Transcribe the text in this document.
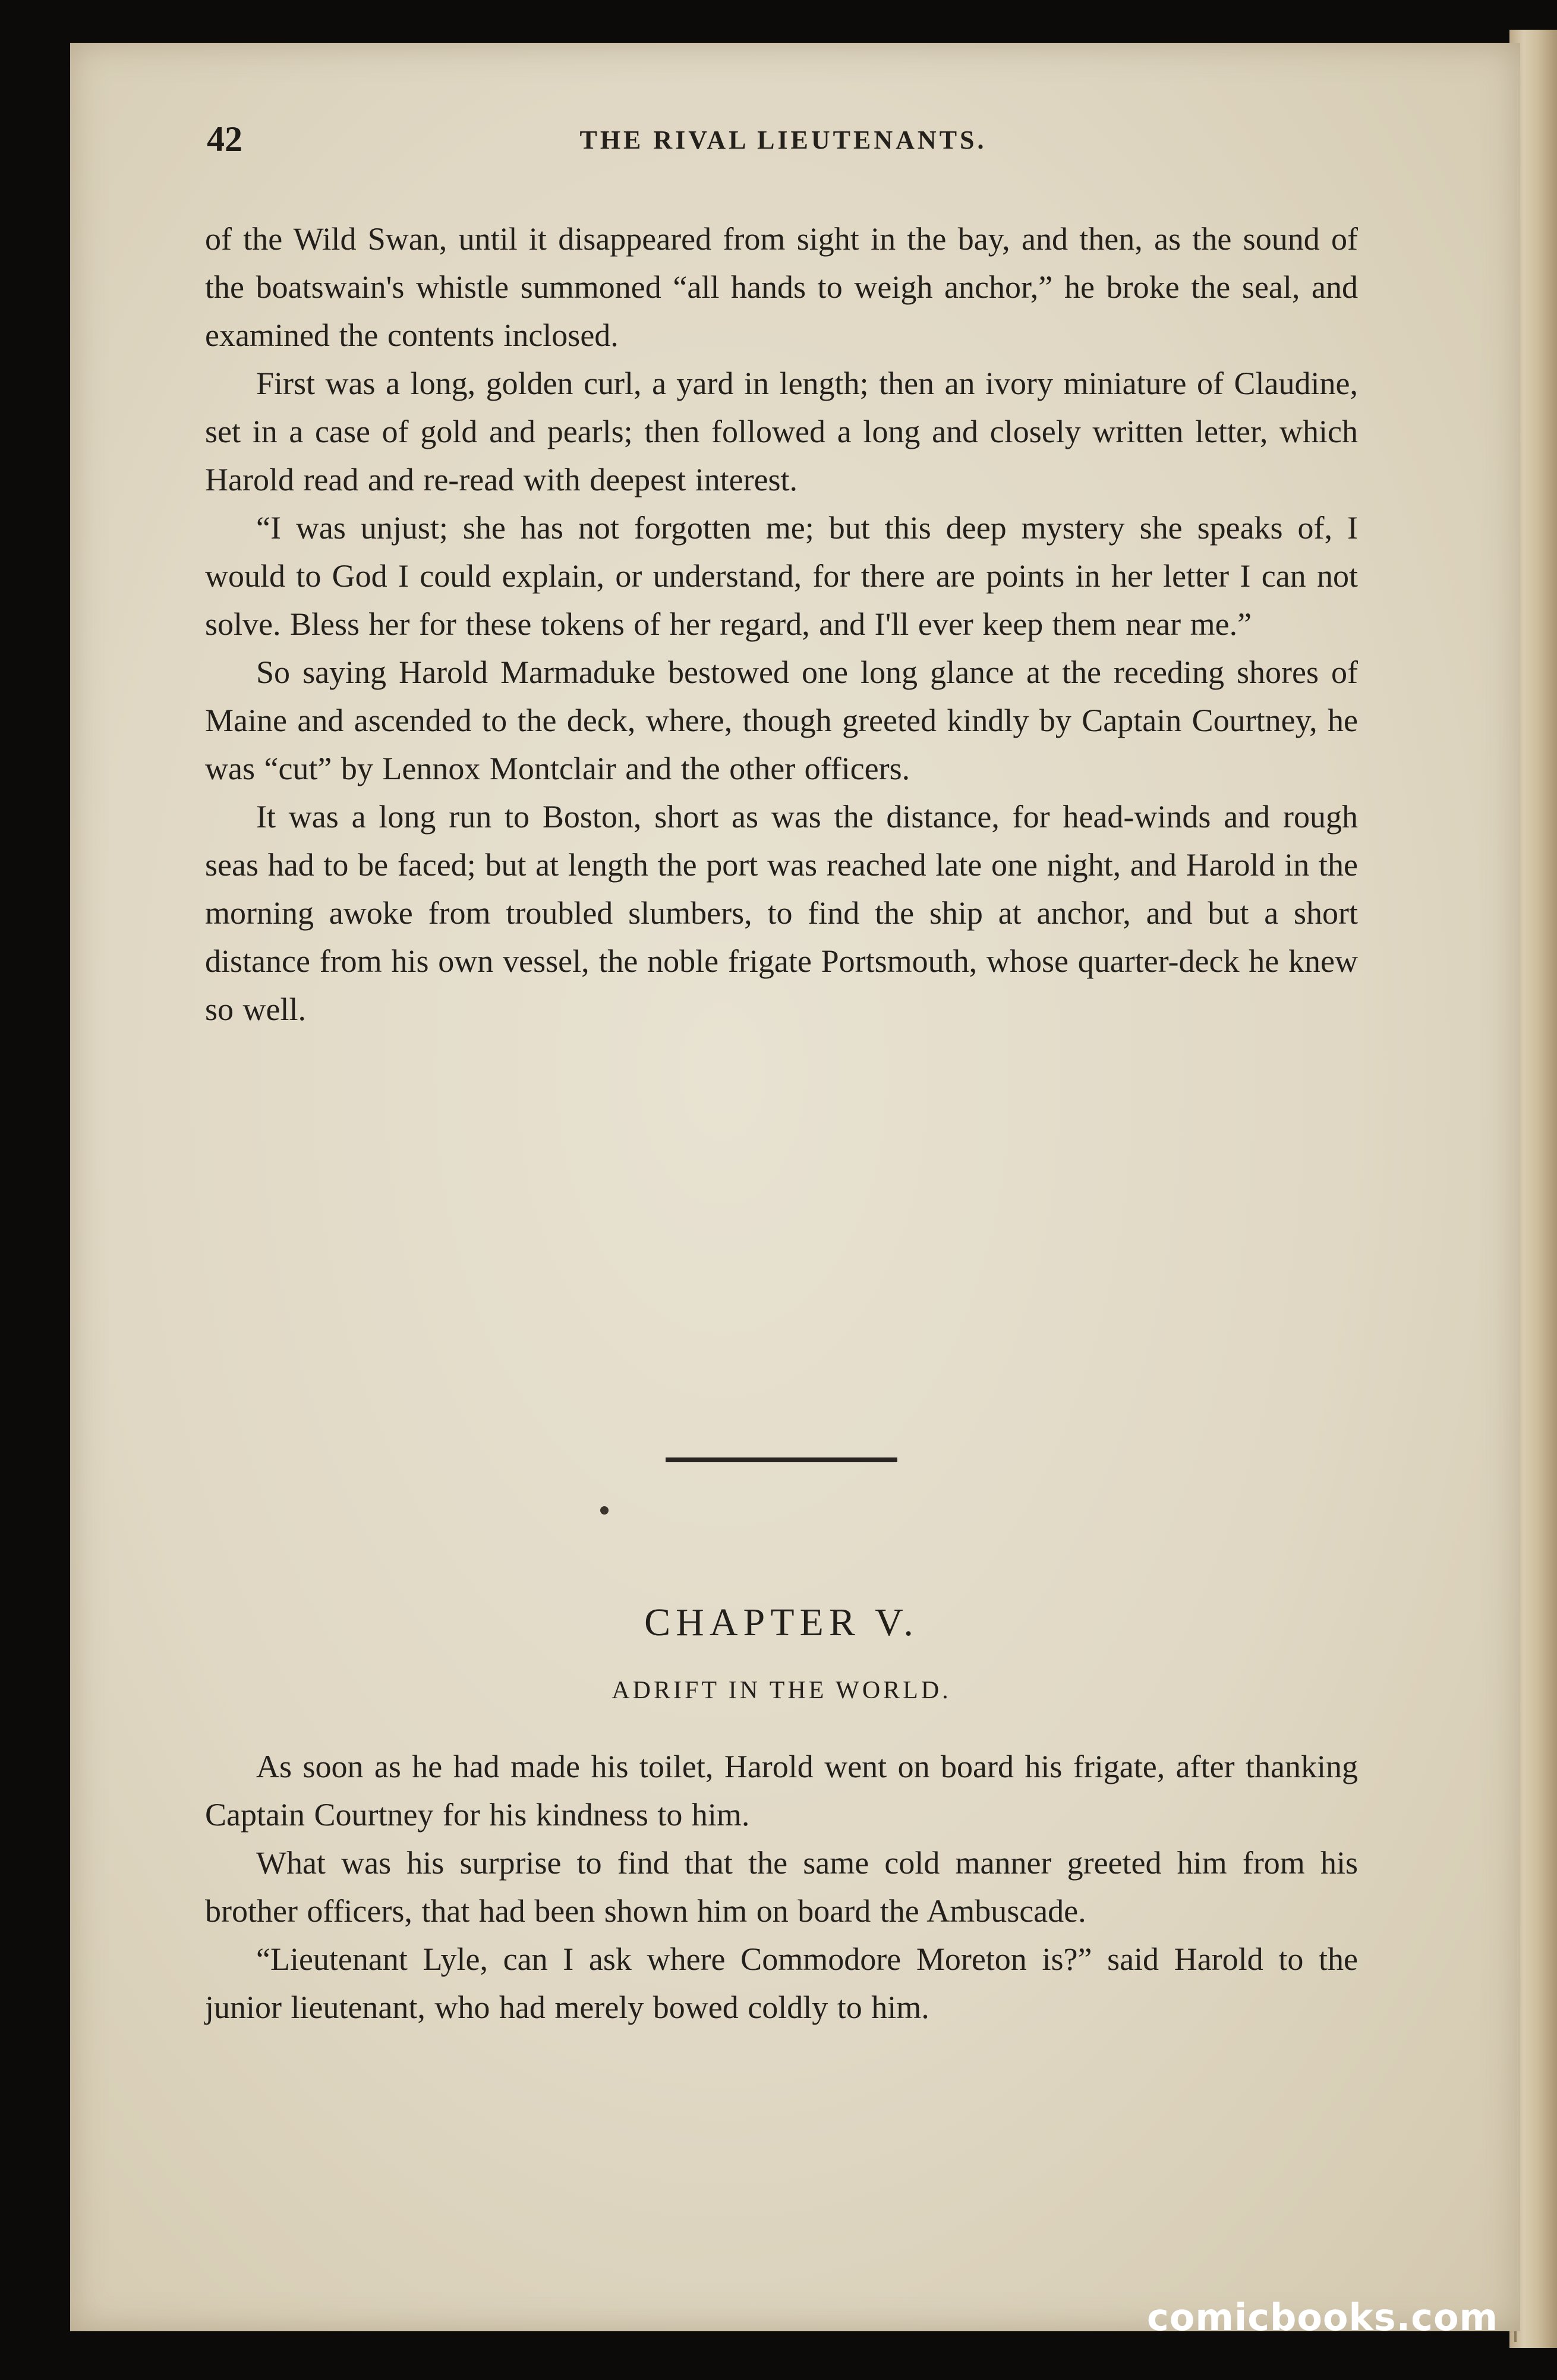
42	THE RIVAL LIEUTENANTS.

of the Wild Swan, until it disappeared from sight in the bay, and then, as the sound of the boatswain's whistle summoned “all hands to weigh anchor,” he broke the seal, and examined the contents inclosed.

First was a long, golden curl, a yard in length; then an ivory miniature of Claudine, set in a case of gold and pearls; then followed a long and closely written letter, which Harold read and re-read with deepest interest.

“I was unjust; she has not forgotten me; but this deep mystery she speaks of, I would to God I could explain, or understand, for there are points in her letter I can not solve. Bless her for these tokens of her regard, and I'll ever keep them near me.”

So saying Harold Marmaduke bestowed one long glance at the receding shores of Maine and ascended to the deck, where, though greeted kindly by Captain Courtney, he was “cut” by Lennox Montclair and the other officers.

It was a long run to Boston, short as was the distance, for head-winds and rough seas had to be faced; but at length the port was reached late one night, and Harold in the morning awoke from troubled slumbers, to find the ship at anchor, and but a short distance from his own vessel, the noble frigate Portsmouth, whose quarter-deck he knew so well.

CHAPTER V.
ADRIFT IN THE WORLD.

As soon as he had made his toilet, Harold went on board his frigate, after thanking Captain Courtney for his kindness to him.

What was his surprise to find that the same cold manner greeted him from his brother officers, that had been shown him on board the Ambuscade.

“Lieutenant Lyle, can I ask where Commodore Moreton is?” said Harold to the junior lieutenant, who had merely bowed coldly to him.

comicbooks.com
